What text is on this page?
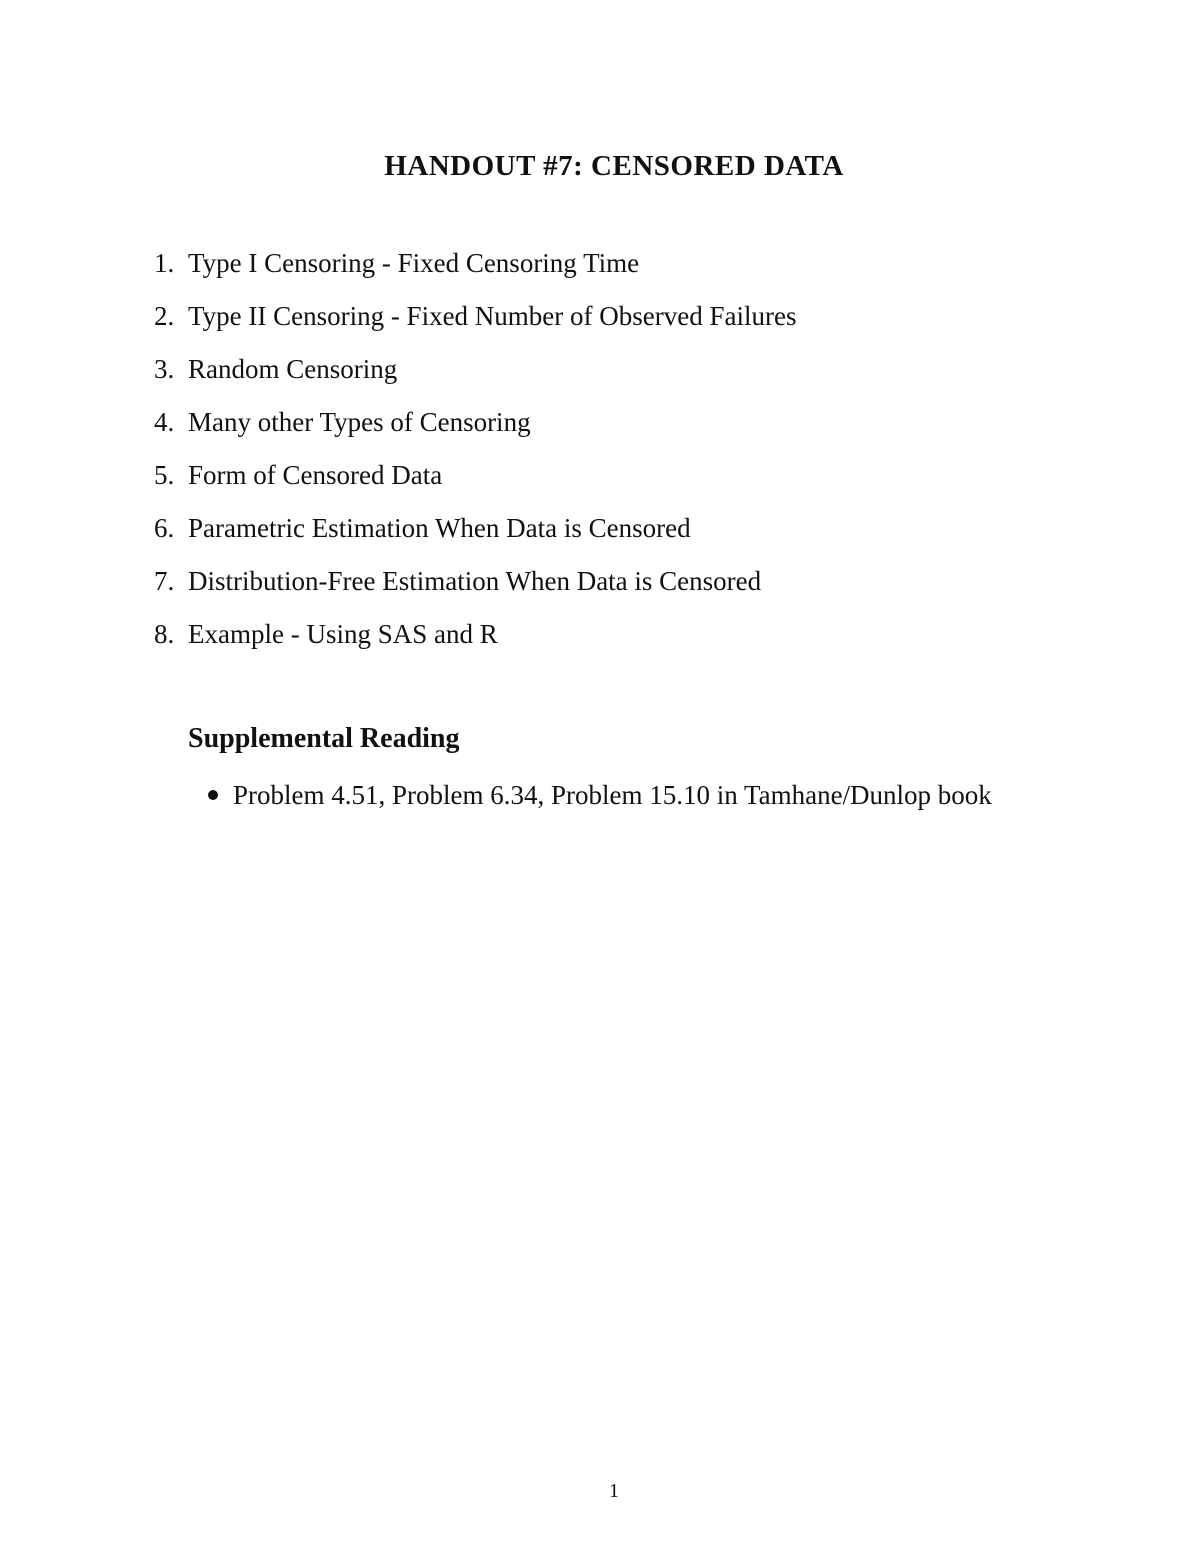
HANDOUT #7: CENSORED DATA
1. Type I Censoring - Fixed Censoring Time
2. Type II Censoring - Fixed Number of Observed Failures
3. Random Censoring
4. Many other Types of Censoring
5. Form of Censored Data
6. Parametric Estimation When Data is Censored
7. Distribution-Free Estimation When Data is Censored
8. Example - Using SAS and R
Supplemental Reading
Problem 4.51, Problem 6.34, Problem 15.10 in Tamhane/Dunlop book
1
